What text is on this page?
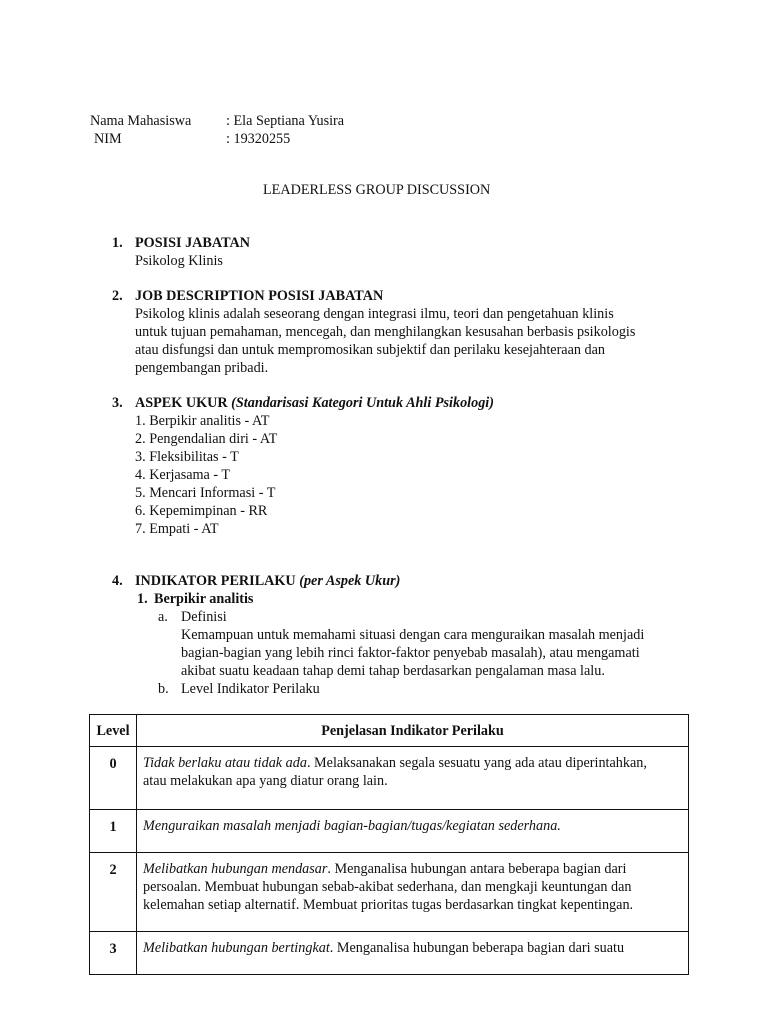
Nama Mahasiswa : Ela Septiana Yusira
NIM	: 19320255
LEADERLESS GROUP DISCUSSION
1. POSISI JABATAN
Psikolog Klinis
2. JOB DESCRIPTION POSISI JABATAN
Psikolog klinis adalah seseorang dengan integrasi ilmu, teori dan pengetahuan klinis
untuk tujuan pemahaman, mencegah, dan menghilangkan kesusahan berbasis psikologis
atau disfungsi dan untuk mempromosikan subjektif dan perilaku kesejahteraan dan
pengembangan pribadi.
3. ASPEK UKUR (Standarisasi Kategori Untuk Ahli Psikologi)
1. Berpikir analitis - AT
2. Pengendalian diri - AT
3. Fleksibilitas - T
4. Kerjasama - T
5. Mencari Informasi - T
6. Kepemimpinan - RR
7. Empati - AT
4. INDIKATOR PERILAKU (per Aspek Ukur)
1. Berpikir analitis
a. Definisi
Kemampuan untuk memahami situasi dengan cara menguraikan masalah menjadi
bagian-bagian yang lebih rinci faktor-faktor penyebab masalah), atau mengamati
akibat suatu keadaan tahap demi tahap berdasarkan pengalaman masa lalu.
b. Level Indikator Perilaku
Level	Penjelasan Indikator Perilaku
0	Tidak berlaku atau tidak ada. Melaksanakan segala sesuatu yang ada atau diperintahkan,
atau melakukan apa yang diatur orang lain.

1	Menguraikan masalah menjadi bagian-bagian/tugas/kegiatan sederhana.

2	Melibatkan hubungan mendasar. Menganalisa hubungan antara beberapa bagian dari
persoalan. Membuat hubungan sebab-akibat sederhana, dan mengkaji keuntungan dan
kelemahan setiap alternatif. Membuat prioritas tugas berdasarkan tingkat kepentingan.

3	Melibatkan hubungan bertingkat. Menganalisa hubungan beberapa bagian dari suatu
